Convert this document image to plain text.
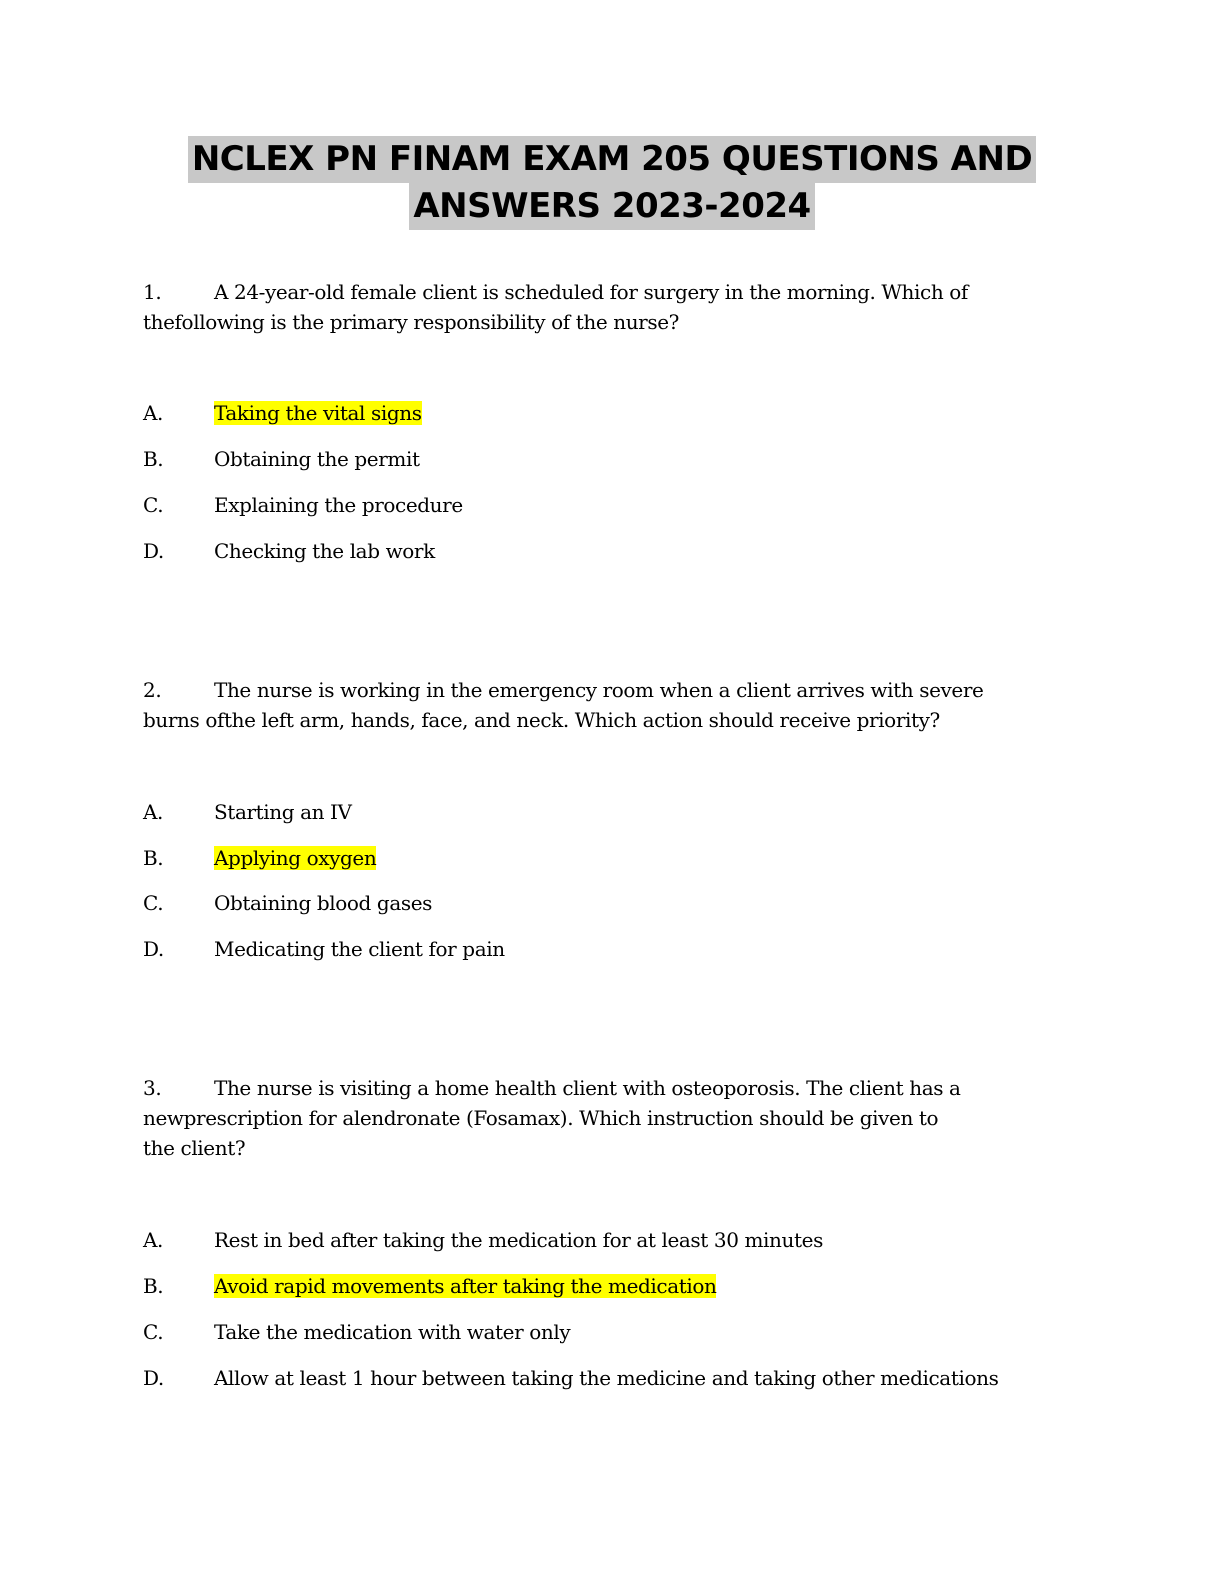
NCLEX PN FINAM EXAM 205 QUESTIONS AND
ANSWERS 2023-2024
1.	A 24-year-old female client is scheduled for surgery in the morning. Which of
thefollowing is the primary responsibility of the nurse?
A.	Taking the vital signs
B.	Obtaining the permit
C.	Explaining the procedure
D.	Checking the lab work
2.	The nurse is working in the emergency room when a client arrives with severe
burns ofthe left arm, hands, face, and neck. Which action should receive priority?
A.	Starting an IV
B.	Applying oxygen
C.	Obtaining blood gases
D.	Medicating the client for pain
3.	The nurse is visiting a home health client with osteoporosis. The client has a
newprescription for alendronate (Fosamax). Which instruction should be given to
the client?
A.	Rest in bed after taking the medication for at least 30 minutes
B.	Avoid rapid movements after taking the medication
C.	Take the medication with water only
D.	Allow at least 1 hour between taking the medicine and taking other medications
